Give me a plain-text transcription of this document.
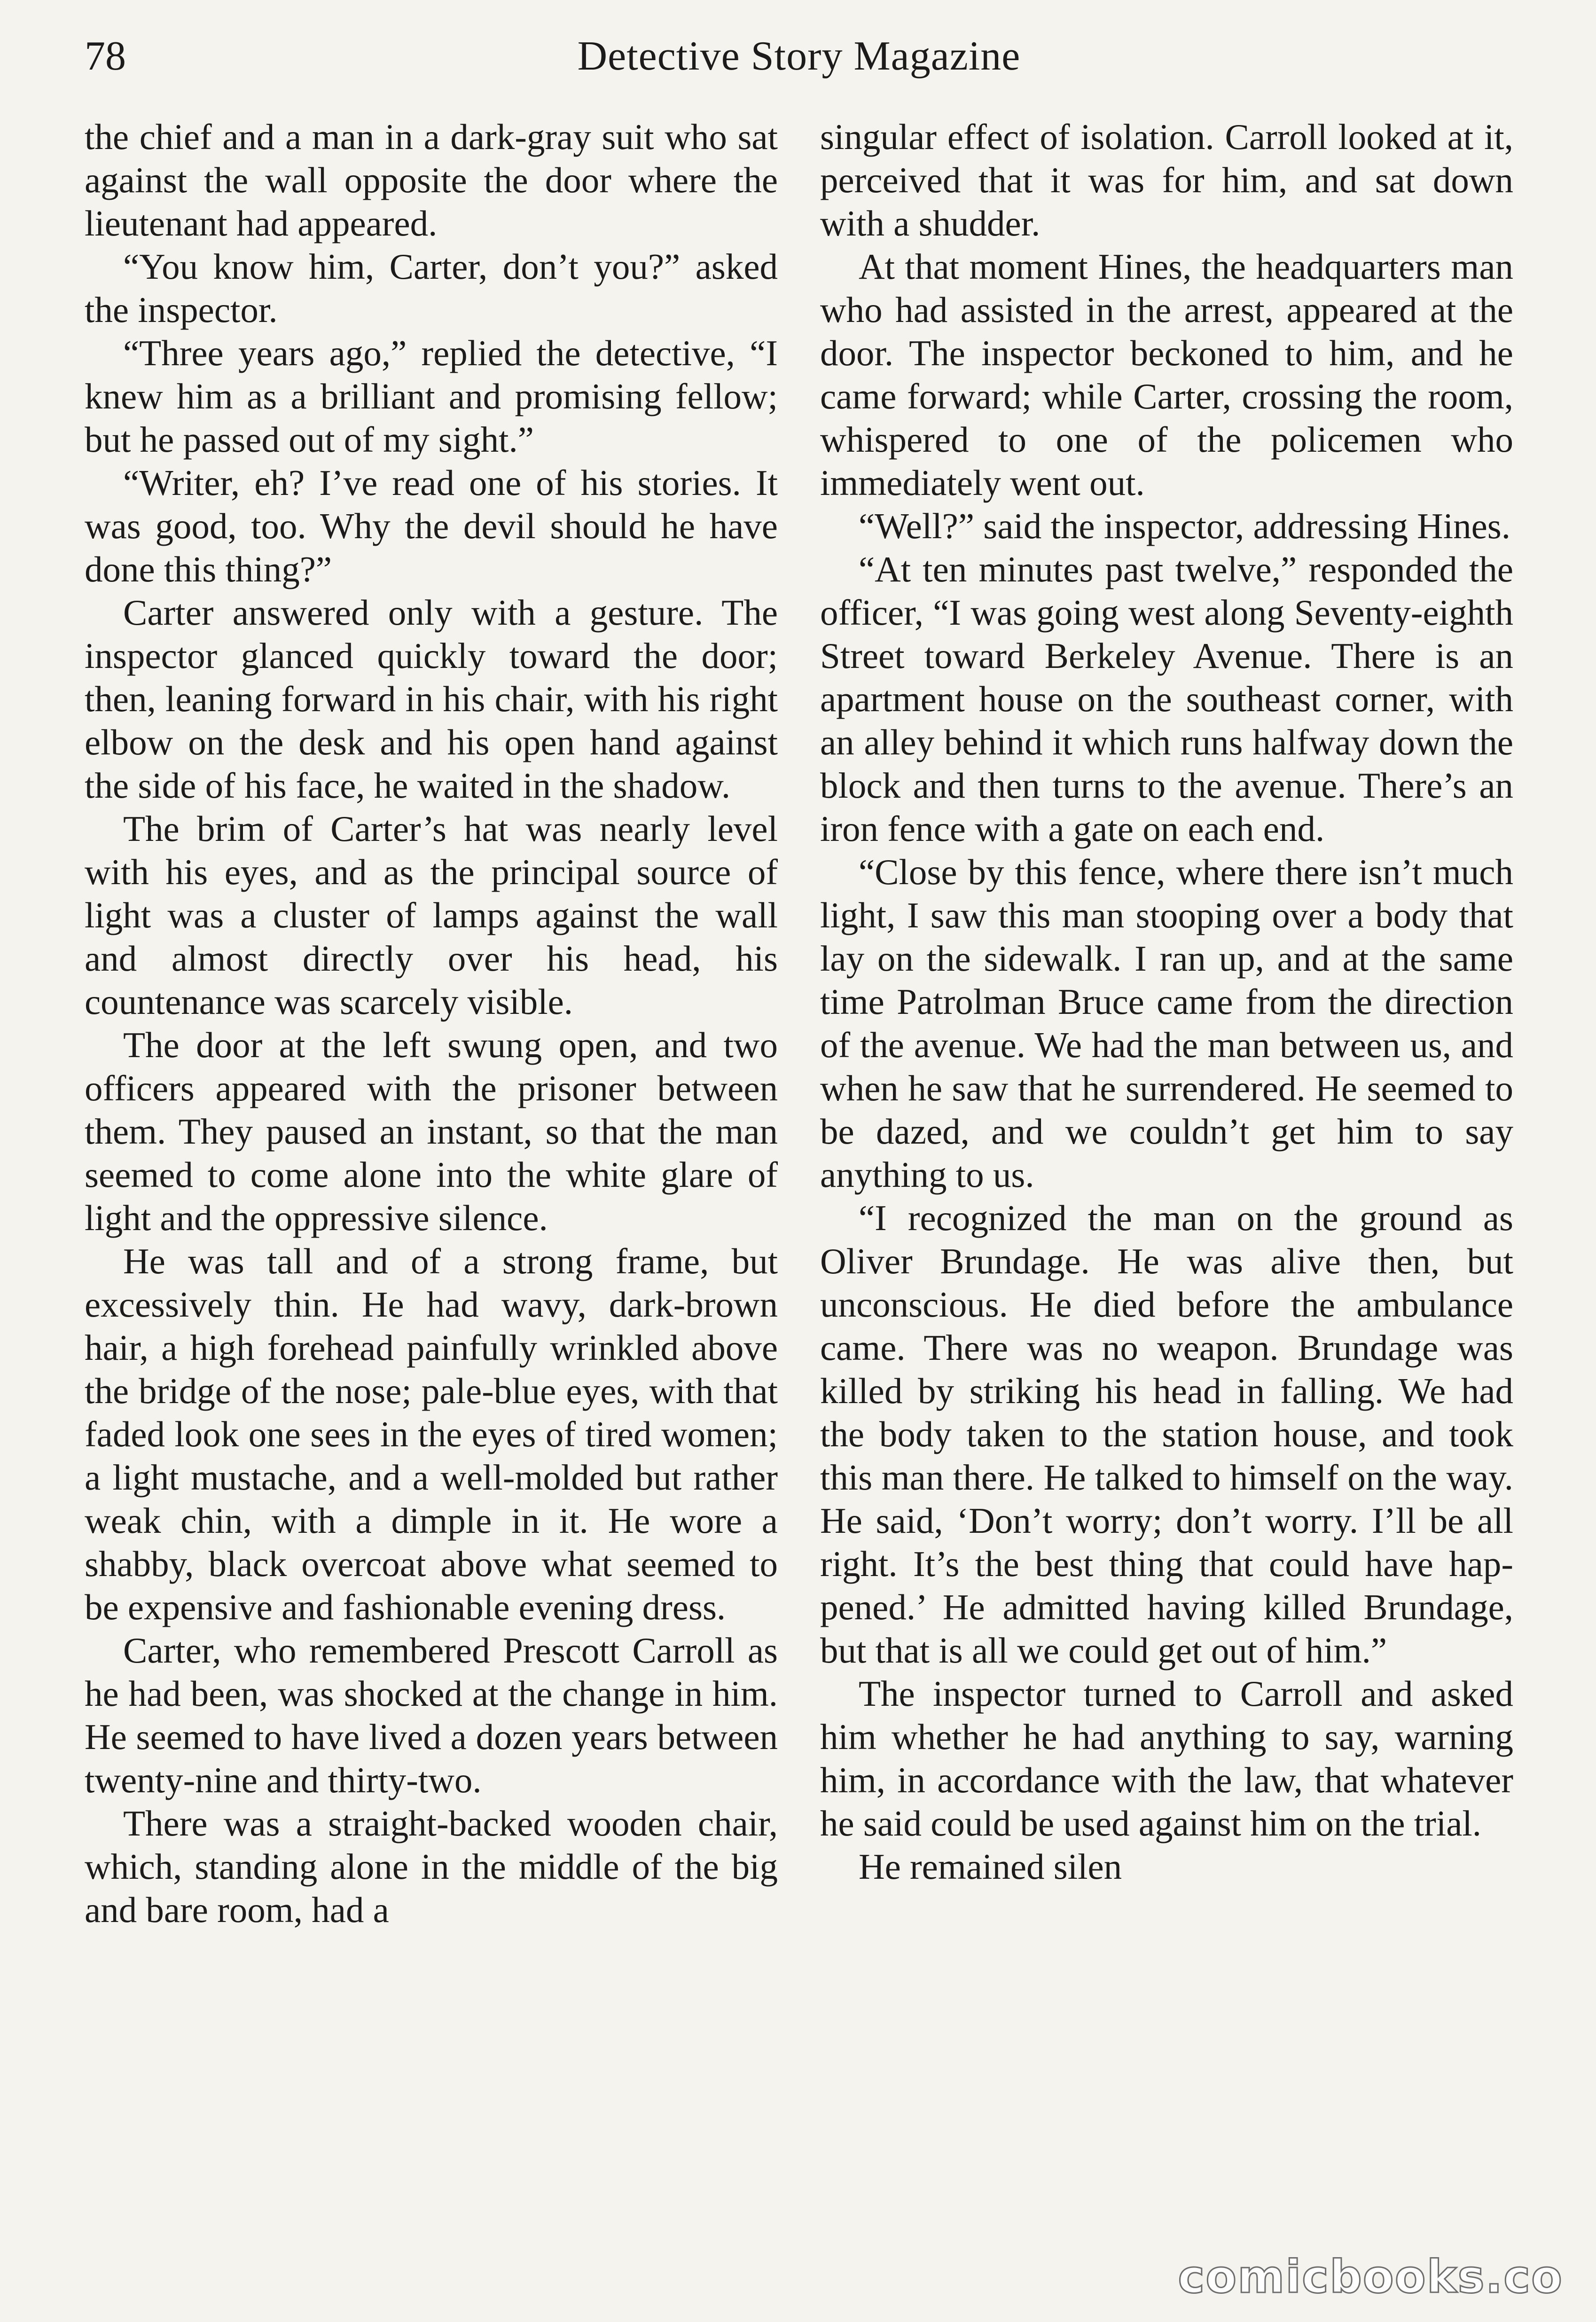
78	Detective Story Magazine

the chief and a man in a dark-gray suit who sat against the wall opposite the door where the lieutenant had appeared.

“You know him, Carter, don’t you?” asked the inspector.

“Three years ago,” replied the detective, “I knew him as a brilliant and promising fellow; but he passed out of my sight.”

“Writer, eh? I’ve read one of his stories. It was good, too. Why the devil should he have done this thing?”

Carter answered only with a gesture. The inspector glanced quickly toward the door; then, leaning forward in his chair, with his right elbow on the desk and his open hand against the side of his face, he waited in the shadow.

The brim of Carter’s hat was nearly level with his eyes, and as the principal source of light was a cluster of lamps against the wall and almost directly over his head, his countenance was scarcely visible.

The door at the left swung open, and two officers appeared with the prisoner between them. They paused an instant, so that the man seemed to come alone into the white glare of light and the oppressive silence.

He was tall and of a strong frame, but excessively thin. He had wavy, dark-brown hair, a high forehead painfully wrinkled above the bridge of the nose; pale-blue eyes, with that faded look one sees in the eyes of tired women; a light mustache, and a well-molded but rather weak chin, with a dimple in it. He wore a shabby, black overcoat above what seemed to be expensive and fashionable evening dress.

Carter, who remembered Prescott Carroll as he had been, was shocked at the change in him. He seemed to have lived a dozen years between twenty-nine and thirty-two.

There was a straight-backed wooden chair, which, standing alone in the middle of the big and bare room, had a

singular effect of isolation. Carroll looked at it, perceived that it was for him, and sat down with a shudder.

At that moment Hines, the headquarters man who had assisted in the arrest, appeared at the door. The inspector beckoned to him, and he came forward; while Carter, crossing the room, whispered to one of the policemen who immediately went out.

“Well?” said the inspector, addressing Hines.

“At ten minutes past twelve,” responded the officer, “I was going west along Seventy-eighth Street toward Berkeley Avenue. There is an apartment house on the southeast corner, with an alley behind it which runs halfway down the block and then turns to the avenue. There’s an iron fence with a gate on each end.

“Close by this fence, where there isn’t much light, I saw this man stooping over a body that lay on the sidewalk. I ran up, and at the same time Patrolman Bruce came from the direction of the avenue. We had the man between us, and when he saw that he surrendered. He seemed to be dazed, and we couldn’t get him to say anything to us.

“I recognized the man on the ground as Oliver Brundage. He was alive then, but unconscious. He died before the ambulance came. There was no weapon. Brundage was killed by striking his head in falling. We had the body taken to the station house, and took this man there. He talked to himself on the way. He said, ‘Don’t worry; don’t worry. I’ll be all right. It’s the best thing that could have happened.’ He admitted having killed Brundage, but that is all we could get out of him.”

The inspector turned to Carroll and asked him whether he had anything to say, warning him, in accordance with the law, that whatever he said could be used against him on the trial.

He remained silen

comicbooks.co
